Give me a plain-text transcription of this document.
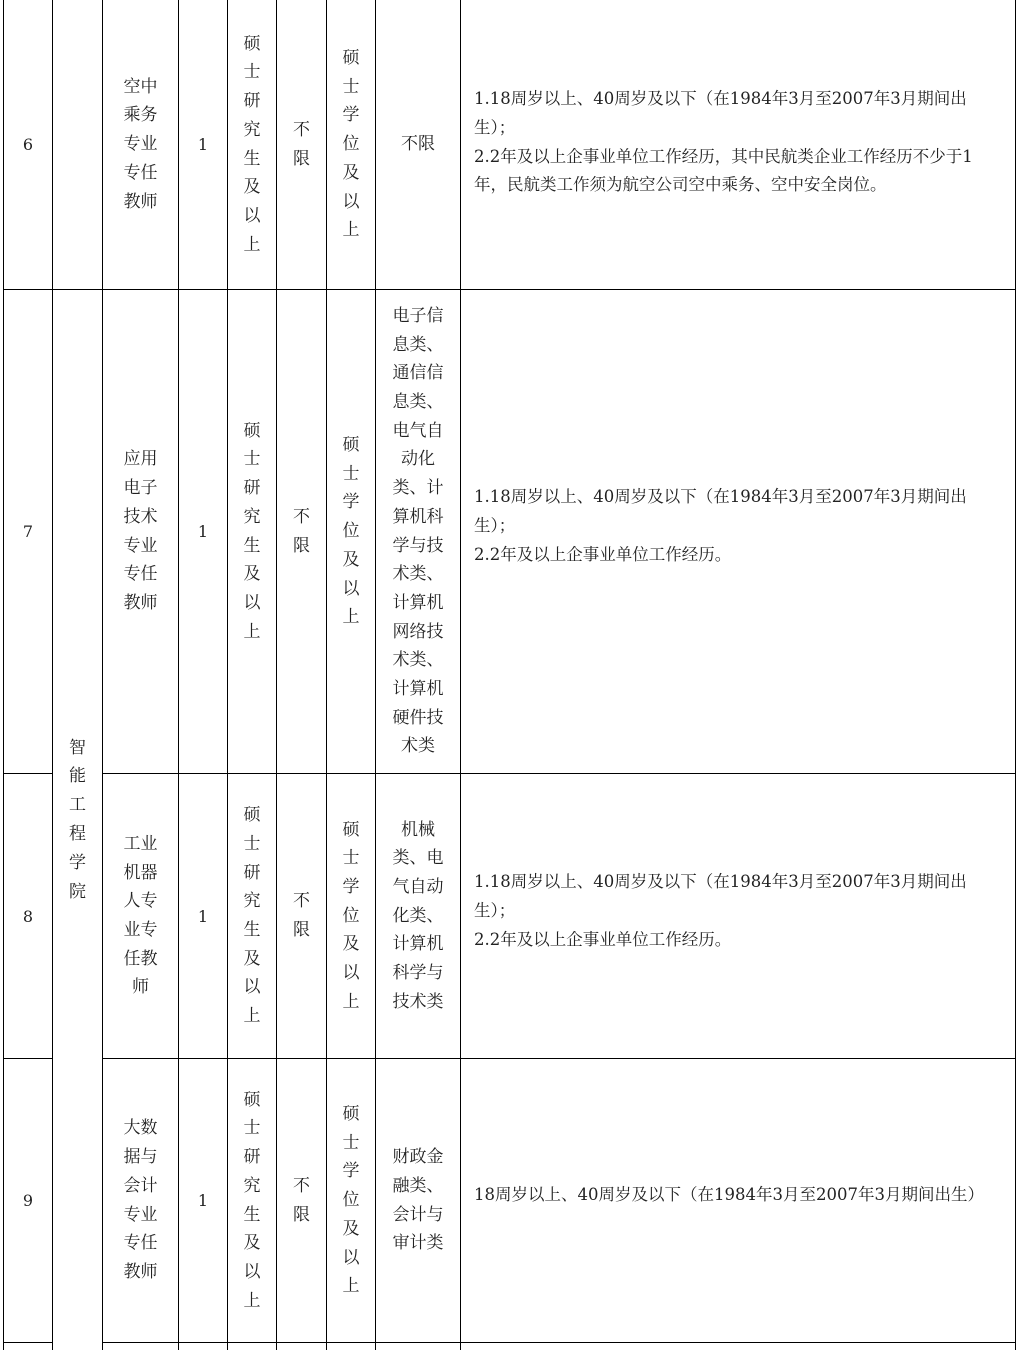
智能工程学院
6
空中乘务专业专任教师
1
硕士研究生及以上
不限
硕士学位及以上
不限

1.18周岁以上、40周岁及以下（在1984年3月至2007年3月期间出生）；

2.2年及以上企事业单位工作经历，其中民航类企业工作经历不少于1年，民航类工作须为航空公司空中乘务、空中安全岗位。

7
应用电子技术专业专任教师
1
硕士研究生及以上
不限
硕士学位及以上
电子信息类、通信信息类、电气自动化类、计算机科学与技术类、计算机网络技术类、计算机硬件技术类

1.18周岁以上、40周岁及以下（在1984年3月至2007年3月期间出生）；

2.2年及以上企事业单位工作经历。

8
工业机器人专业专任教师
1
硕士研究生及以上
不限
硕士学位及以上
机械类、电气自动化类、计算机科学与技术类

1.18周岁以上、40周岁及以下（在1984年3月至2007年3月期间出生）；

2.2年及以上企事业单位工作经历。

9
大数据与会计专业专任教师
1
硕士研究生及以上
不限
硕士学位及以上
财政金融类、会计与审计类

18周岁以上、40周岁及以下（在1984年3月至2007年3月期间出生）
